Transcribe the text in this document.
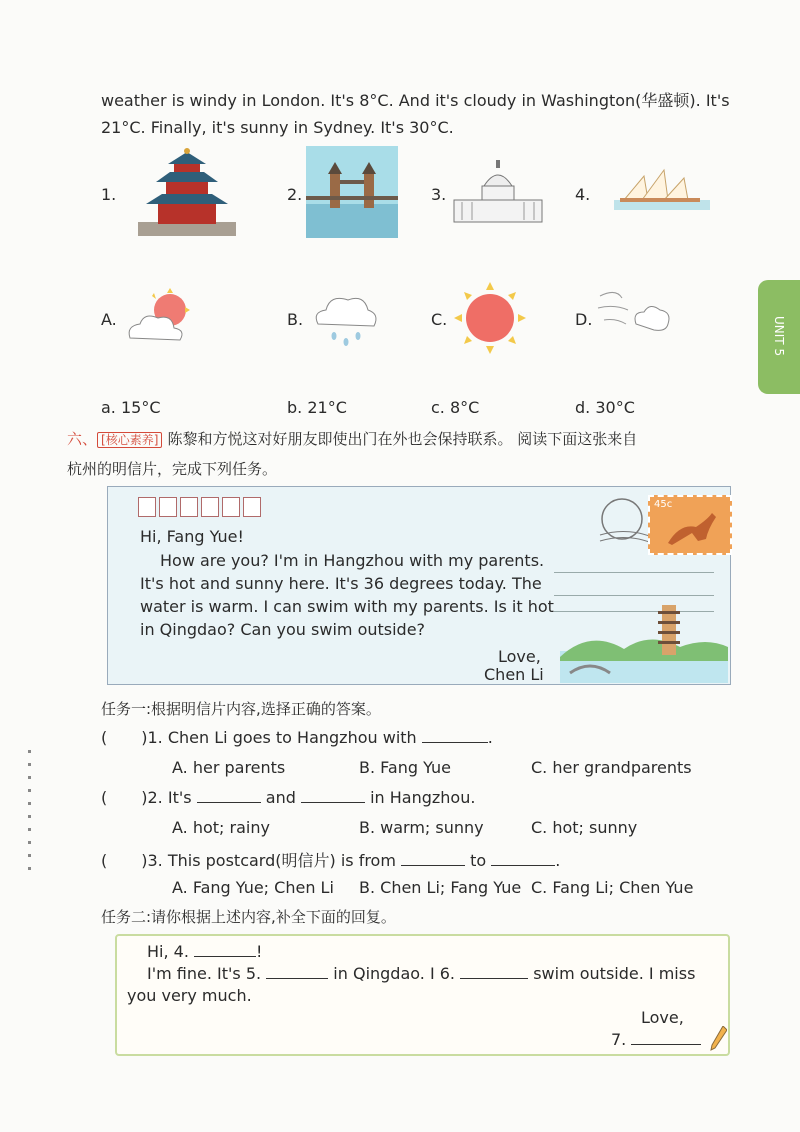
weather is windy in London. It's 8°C. And it's cloudy in Washington(华盛顿). It's
21°C. Finally, it's sunny in Sydney. It's 30°C.
1.	2.	3.	4.
A.	B.	C.	D.
a. 15°C	b. 21°C	c. 8°C	d. 30°C
UNIT 5
六、 [核心素养] 陈黎和方悦这对好朋友即使出门在外也会保持联系。 阅读下面这张来自
杭州的明信片，完成下列任务。
Hi, Fang Yue!
How are you? I'm in Hangzhou with my parents.
It's hot and sunny here. It's 36 degrees today. The
water is warm. I can swim with my parents. Is it hot
in Qingdao? Can you swim outside?
Love,
Chen Li
45c
任务一:根据明信片内容,选择正确的答案。
( )1. Chen Li goes to Hangzhou with	.
A. her parents	B. Fang Yue	C. her grandparents
( )2. It's	and	in Hangzhou.
A. hot; rainy	B. warm; sunny	C. hot; sunny
( )3. This postcard(明信片) is from	to	.
A. Fang Yue; Chen Li B. Chen Li; Fang Yue C. Fang Li; Chen Yue
任务二:请你根据上述内容,补全下面的回复。
Hi, 4.	!
I'm fine. It's 5.	in Qingdao. I 6.	swim outside. I miss
you very much.
Love,
7.
